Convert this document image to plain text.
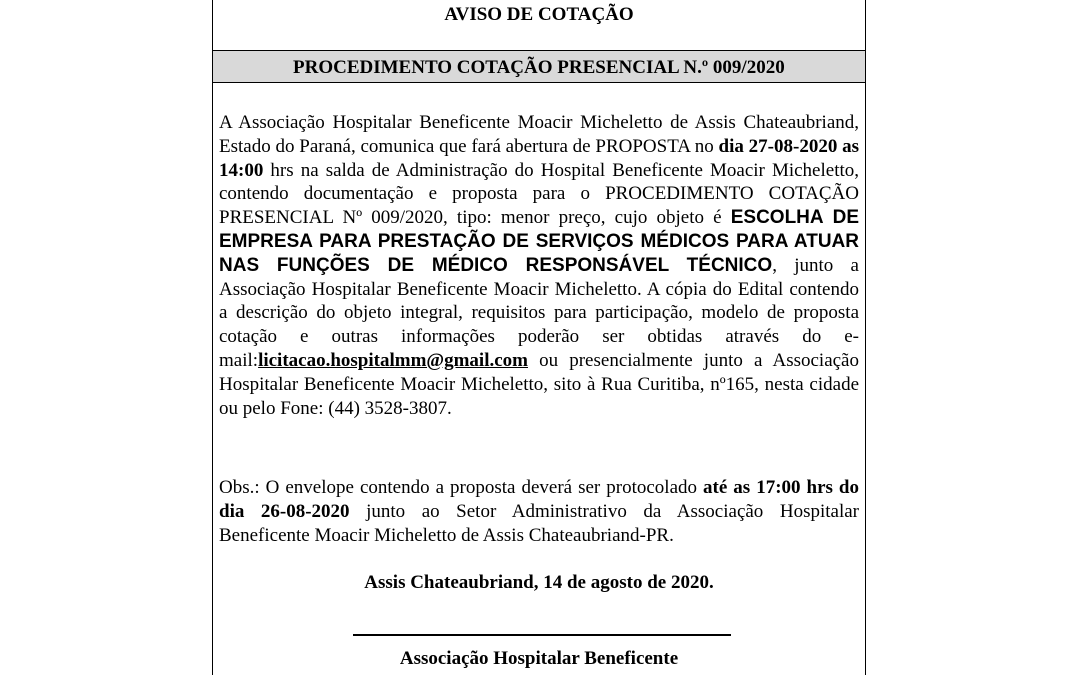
AVISO DE COTAÇÃO
PROCEDIMENTO COTAÇÃO PRESENCIAL N.º 009/2020

A Associação Hospitalar Beneficente Moacir Micheletto de Assis Chateaubriand, Estado do Paraná, comunica que fará abertura de PROPOSTA no dia 27-08-2020 as 14:00 hrs na salda de Administração do Hospital Beneficente Moacir Micheletto, contendo documentação e proposta para o PROCEDIMENTO COTAÇÃO PRESENCIAL Nº 009/2020, tipo: menor preço, cujo objeto é ESCOLHA DE EMPRESA PARA PRESTAÇÃO DE SERVIÇOS MÉDICOS PARA ATUAR NAS FUNÇÕES DE MÉDICO RESPONSÁVEL TÉCNICO, junto a Associação Hospitalar Beneficente Moacir Micheletto. A cópia do Edital contendo a descrição do objeto integral, requisitos para participação, modelo de proposta cotação e outras informações poderão ser obtidas através do e-mail:licitacao.hospitalmm@gmail.com ou presencialmente junto a Associação Hospitalar Beneficente Moacir Micheletto, sito à Rua Curitiba, nº165, nesta cidade ou pelo Fone: (44) 3528-3807.

Obs.: O envelope contendo a proposta deverá ser protocolado até as 17:00 hrs do dia 26-08-2020 junto ao Setor Administrativo da Associação Hospitalar Beneficente Moacir Micheletto de Assis Chateaubriand-PR.

Assis Chateaubriand, 14 de agosto de 2020.
Associação Hospitalar Beneficente
